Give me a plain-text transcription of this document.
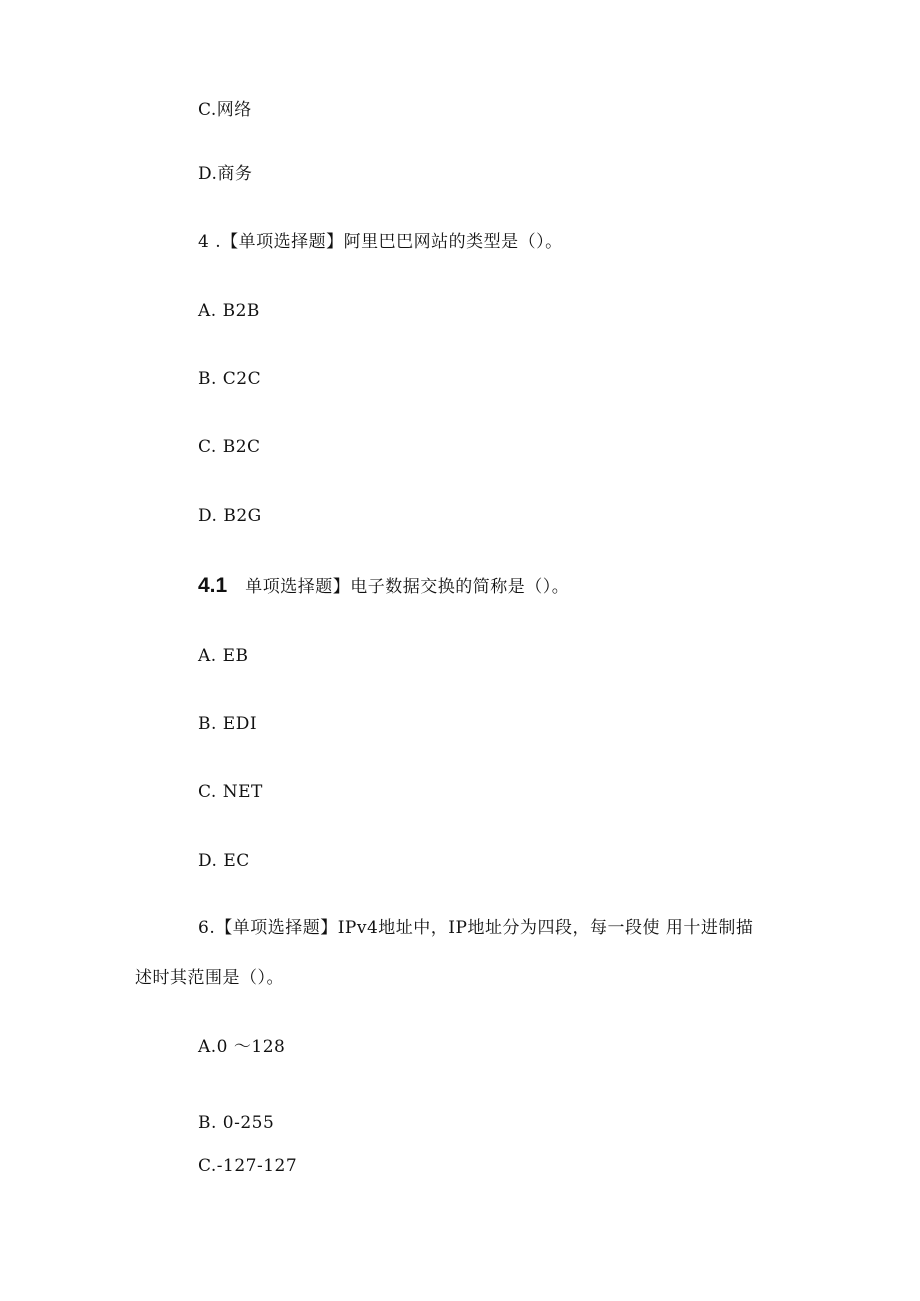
C.网络
D.商务
4 .【单项选择题】阿里巴巴网站的类型是（）。
A. B2B
B. C2C
C. B2C
D. B2G
4.1 单项选择题】电子数据交换的简称是（）。
A. EB
B. EDI
C. NET
D. EC
6.【单项选择题】IPv4地址中，IP地址分为四段，每一段使 用十进制描
述时其范围是（）。
A.0 ～128
B. 0-255
C.-127-127
